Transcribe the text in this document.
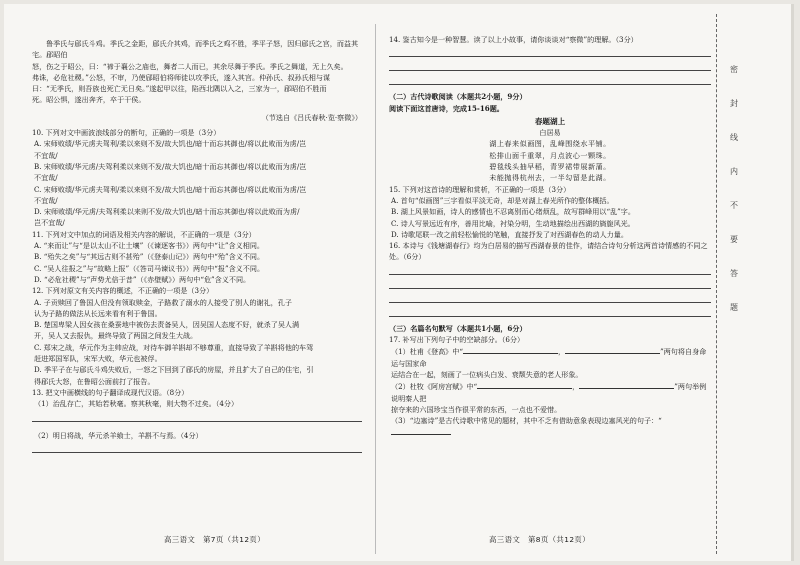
鲁季氏与郈氏斗鸡。季氏之金距，郈氏介其鸡，而季氏之鸡不胜，季平子怒，因归郈氏之宫，而益其宅。郈昭伯

怒，伤之于昭公，曰：“禘于襄公之庙也，舞者二人而已，其余尽舞于季氏。季氏之舞道，无上久矣。

弗诛，必危社稷。”公怒，不审，乃使郈昭伯将师徒以攻季氏，遂入其宫。仲孙氏、叔孙氏相与谋

曰：“无季氏，则吾族也死亡无日矣。”遂起甲以往，陷西北隅以入之，三家为一，郈昭伯不胜而

死。昭公惧，遂出奔齐，卒于干侯。

（节选自《吕氏春秋·览·察微》）

10. 下列对文中画波浪线部分的断句，正确的一项是（3分）

A. 宋师败绩/华元虏夫驾利/柔以来则不发/故大饥也/暗十而忘其御也/将以此败而为虏/岂

不宜哉/

B. 宋师败绩/华元虏/夫驾利柔以来则不发/故大饥也/暗十而忘其御也/将以此败而为虏/岂

不宜哉/

C. 宋师败绩/华元虏夫驾利/柔以来则不发/故大饥也/暗十而忘其御也/将以此败而为虏/岂

不宜哉/

D. 宋师败绩/华元虏/夫驾利柔以来则不发/故大饥也/暗十而忘其御也/将以此败而为虏/

岂不宜哉/

11. 下列对文中加点的词语及相关内容的解说，不正确的一项是（3分）

A. “来而让”与“是以太山不让土壤”（《谏逐客书》）两句中“让”含义相同。

B. “殆失之矣”与“其远古则不甚殆”（《登泰山记》）两句中“殆”含义不同。

C. “吴人往报之”与“故略上报”（《答司马谏议书》）两句中“报”含义不同。

D. “必危社稷”与“声势尤倍于昔”（《赤壁赋》）两句中“危”含义不同。

12. 下列对原文有关内容的概述，不正确的一项是（3分）

A. 子贡赎回了鲁国人但没有领取赎金，子路救了溺水的人接受了别人的谢礼，孔子

认为子路的做法从长远来看有利于鲁国。

B. 楚国卑梁人因女孩在桑蚕地中被伤去责备吴人，因吴国人态度不好，就杀了吴人满

开，吴人又去报仇，最终导致了两国之间发生大战。

C. 郑宋之战，华元作为主帅应战，对待车御羊斟却不够尊重，直接导致了羊斟将他的车驾

赶进郑国军队，宋军大败，华元也被俘。

D. 季平子在与郈氏斗鸡失败后，一怒之下回到了郈氏的房屋，并且扩大了自己的住宅，引

得郈氏大怒，在鲁昭公面前打了报告。

13. 把文中画横线的句子翻译成现代汉语。（8分）

（1）治乱存亡，其始若秋毫。察其秋毫，则大物不过矣。（4分）

（2）明日将战，华元杀羊飨士，羊斟不与焉。（4分）

高三语文　第7页（共12页）

14. 鉴古知今是一种智慧。读了以上小故事，请你谈谈对“察微”的理解。（3分）

（二）古代诗歌阅读（本题共2小题，9分）

阅读下面这首唐诗，完成15-16题。

春题湖上

白居易

湖上春来似画图，乱峰围绕水平铺。

松排山面千重翠，月点波心一颗珠。

碧毯线头抽早稻，青罗裙带展新蒲。

未能抛得杭州去，一半勾留是此湖。

15. 下列对这首诗的理解和赏析，不正确的一项是（3分）

A. 首句“似画图”三字看似平淡无奇，却是对湖上春光所作的整体概括。

B. 湖上风景如画，诗人的感情也不忍离别而心绪烦乱，故写群峰用以“乱”字。

C. 诗人写景远近有序，善用比喻，衬染分明，生动地描绘出西湖的旖旎风光。

D. 诗歌尾联一改之前轻松愉悦的笔触，直接抒发了对西湖春色的动人力量。

16. 本诗与《钱塘湖春行》均为白居易的描写西湖春景的佳作，请结合诗句分析这两首诗情感的不同之处。（6分）

（三）名篇名句默写（本题共1小题，6分）

17. 补写出下列句子中的空缺部分。（6分）

（1）杜甫《登高》中“	，	”两句将自身命运与国家命

运结合在一起，刻画了一位病头白发、衰颓失意的老人形象。

（2）杜牧《阿房宫赋》中“	，	”两句举例说明秦人把

掠夺来的六国珍宝当作很平常的东西，一点也不爱惜。

（3）“边塞诗”是古代诗歌中常见的题材，其中不乏有借助意象表现边塞风光的句子：“

高三语文　第8页（共12页）
密
封
线
内
不
要
答
题
